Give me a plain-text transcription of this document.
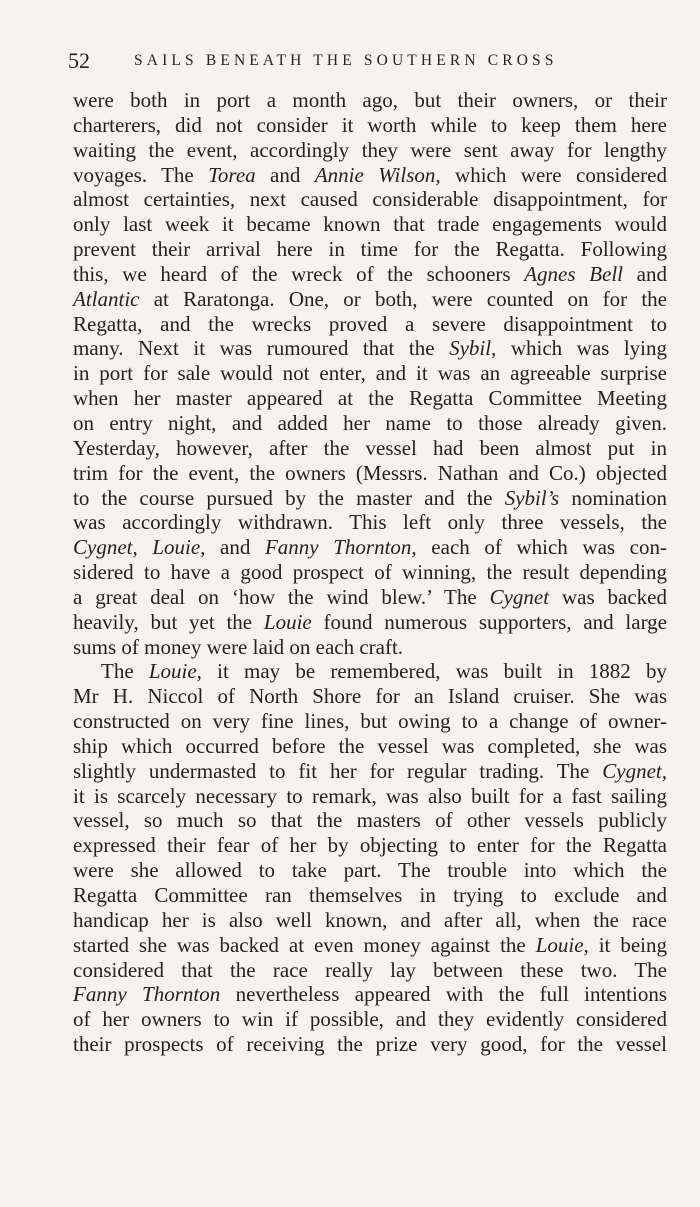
52	SAILS BENEATH THE SOUTHERN CROSS
were both in port a month ago, but their owners, or their
charterers, did not consider it worth while to keep them here
waiting the event, accordingly they were sent away for lengthy
voyages. The Torea and Annie Wilson, which were considered
almost certainties, next caused considerable disappointment, for
only last week it became known that trade engagements would
prevent their arrival here in time for the Regatta. Following
this, we heard of the wreck of the schooners Agnes Bell and
Atlantic at Raratonga. One, or both, were counted on for the
Regatta, and the wrecks proved a severe disappointment to
many. Next it was rumoured that the Sybil, which was lying
in port for sale would not enter, and it was an agreeable surprise
when her master appeared at the Regatta Committee Meeting
on entry night, and added her name to those already given.
Yesterday, however, after the vessel had been almost put in
trim for the event, the owners (Messrs. Nathan and Co.) objected
to the course pursued by the master and the Sybil’s nomination
was accordingly withdrawn. This left only three vessels, the
Cygnet, Louie, and Fanny Thornton, each of which was con-
sidered to have a good prospect of winning, the result depending
a great deal on ‘how the wind blew.’ The Cygnet was backed
heavily, but yet the Louie found numerous supporters, and large
sums of money were laid on each craft.
The Louie, it may be remembered, was built in 1882 by
Mr H. Niccol of North Shore for an Island cruiser. She was
constructed on very fine lines, but owing to a change of owner-
ship which occurred before the vessel was completed, she was
slightly undermasted to fit her for regular trading. The Cygnet,
it is scarcely necessary to remark, was also built for a fast sailing
vessel, so much so that the masters of other vessels publicly
expressed their fear of her by objecting to enter for the Regatta
were she allowed to take part. The trouble into which the
Regatta Committee ran themselves in trying to exclude and
handicap her is also well known, and after all, when the race
started she was backed at even money against the Louie, it being
considered that the race really lay between these two. The
Fanny Thornton nevertheless appeared with the full intentions
of her owners to win if possible, and they evidently considered
their prospects of receiving the prize very good, for the vessel
